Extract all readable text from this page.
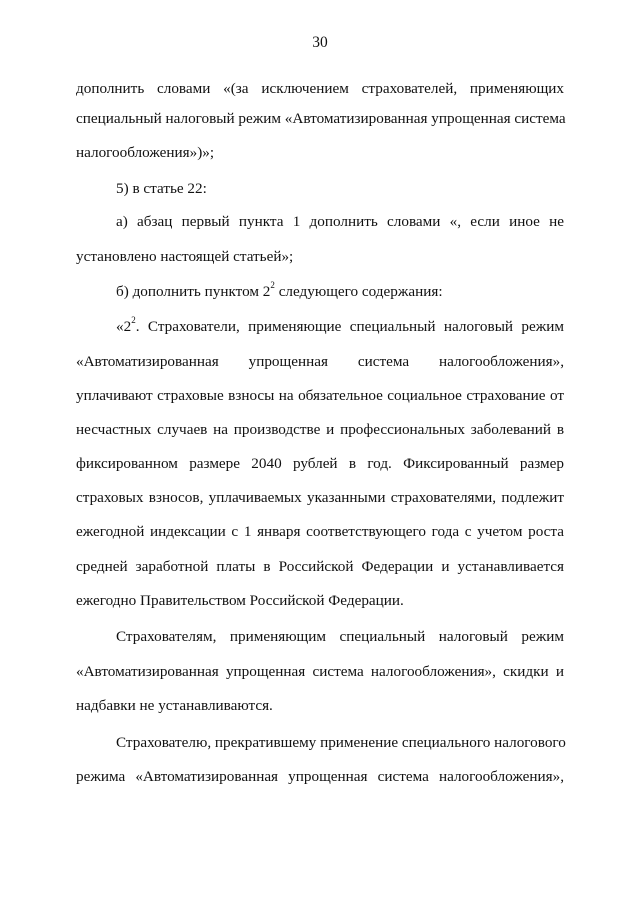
30
дополнить словами «(за исключением страхователей, применяющих
специальный налоговый режим «Автоматизированная упрощенная система
налогообложения»)»;
5) в статье 22:
а) абзац первый пункта 1 дополнить словами «, если иное не
установлено настоящей статьей»;
б) дополнить пунктом $2^2$ следующего содержания:
«$2^2$. Страхователи, применяющие специальный налоговый режим
«Автоматизированная упрощенная система налогообложения»,
уплачивают страховые взносы на обязательное социальное страхование от
несчастных случаев на производстве и профессиональных заболеваний в
фиксированном размере 2040 рублей в год. Фиксированный размер
страховых взносов, уплачиваемых указанными страхователями, подлежит
ежегодной индексации с 1 января соответствующего года с учетом роста
средней заработной платы в Российской Федерации и устанавливается
ежегодно Правительством Российской Федерации.
Страхователям, применяющим специальный налоговый режим
«Автоматизированная упрощенная система налогообложения», скидки и
надбавки не устанавливаются.
Страхователю, прекратившему применение специального налогового
режима «Автоматизированная упрощенная система налогообложения»,
